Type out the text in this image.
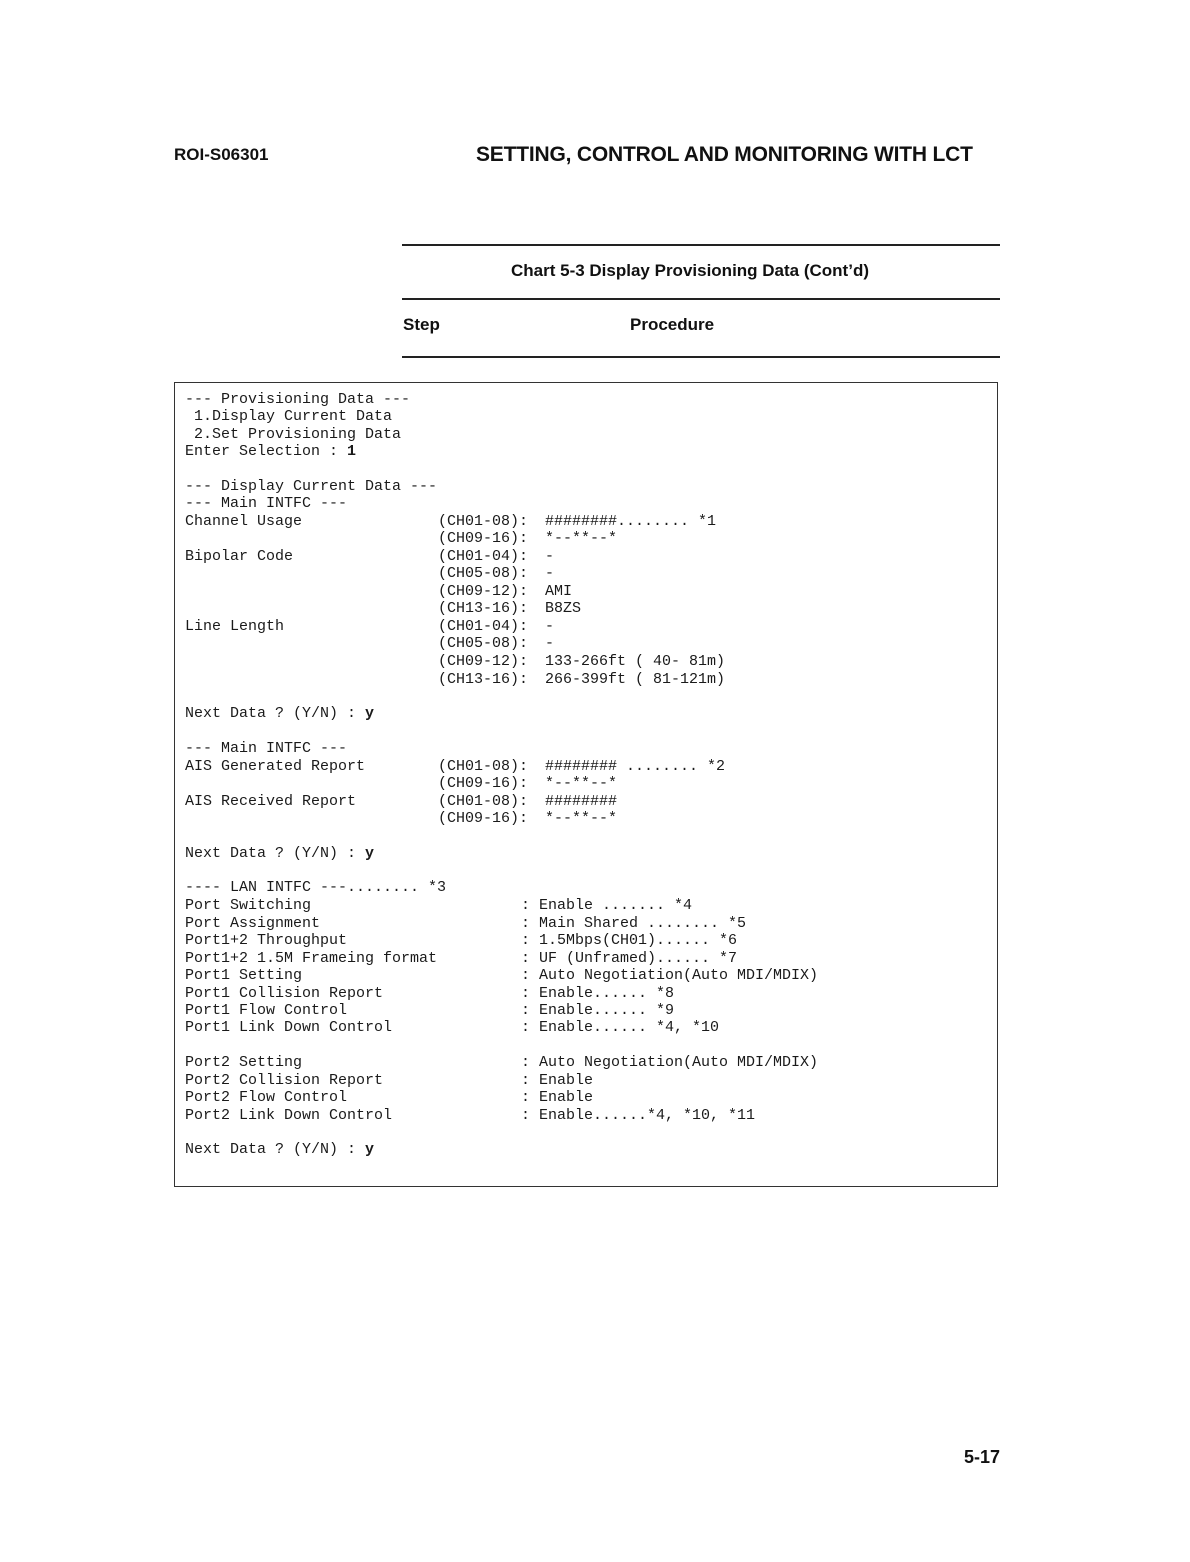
ROI-S06301	SETTING, CONTROL AND MONITORING WITH LCT
Chart 5-3 Display Provisioning Data (Cont’d)
Step	Procedure
--- Provisioning Data ---
1.Display Current Data
2.Set Provisioning Data
Enter Selection : 1
--- Display Current Data ---
--- Main INTFC ---
Channel Usage	(CH01-08): ########........ *1
(CH09-16): *--**--*
Bipolar Code	(CH01-04): -
(CH05-08): -
(CH09-12): AMI
(CH13-16): B8ZS
Line Length	(CH01-04): -
(CH05-08): -
(CH09-12): 133-266ft ( 40- 81m)
(CH13-16): 266-399ft ( 81-121m)
Next Data ? (Y/N) : y
--- Main INTFC ---
AIS Generated Report	(CH01-08): ######## ........ *2
(CH09-16): *--**--*
AIS Received Report	(CH01-08): ########
(CH09-16): *--**--*
Next Data ? (Y/N) : y
---- LAN INTFC ---........ *3
Port Switching	: Enable ....... *4
Port Assignment	: Main Shared ........ *5
Port1+2 Throughput	: 1.5Mbps(CH01)...... *6
Port1+2 1.5M Frameing format	: UF (Unframed)...... *7
Port1 Setting	: Auto Negotiation(Auto MDI/MDIX)
Port1 Collision Report	: Enable...... *8
Port1 Flow Control	: Enable...... *9
Port1 Link Down Control	: Enable...... *4, *10
Port2 Setting	: Auto Negotiation(Auto MDI/MDIX)
Port2 Collision Report	: Enable
Port2 Flow Control	: Enable
Port2 Link Down Control	: Enable......*4, *10, *11
Next Data ? (Y/N) : y
5-17
